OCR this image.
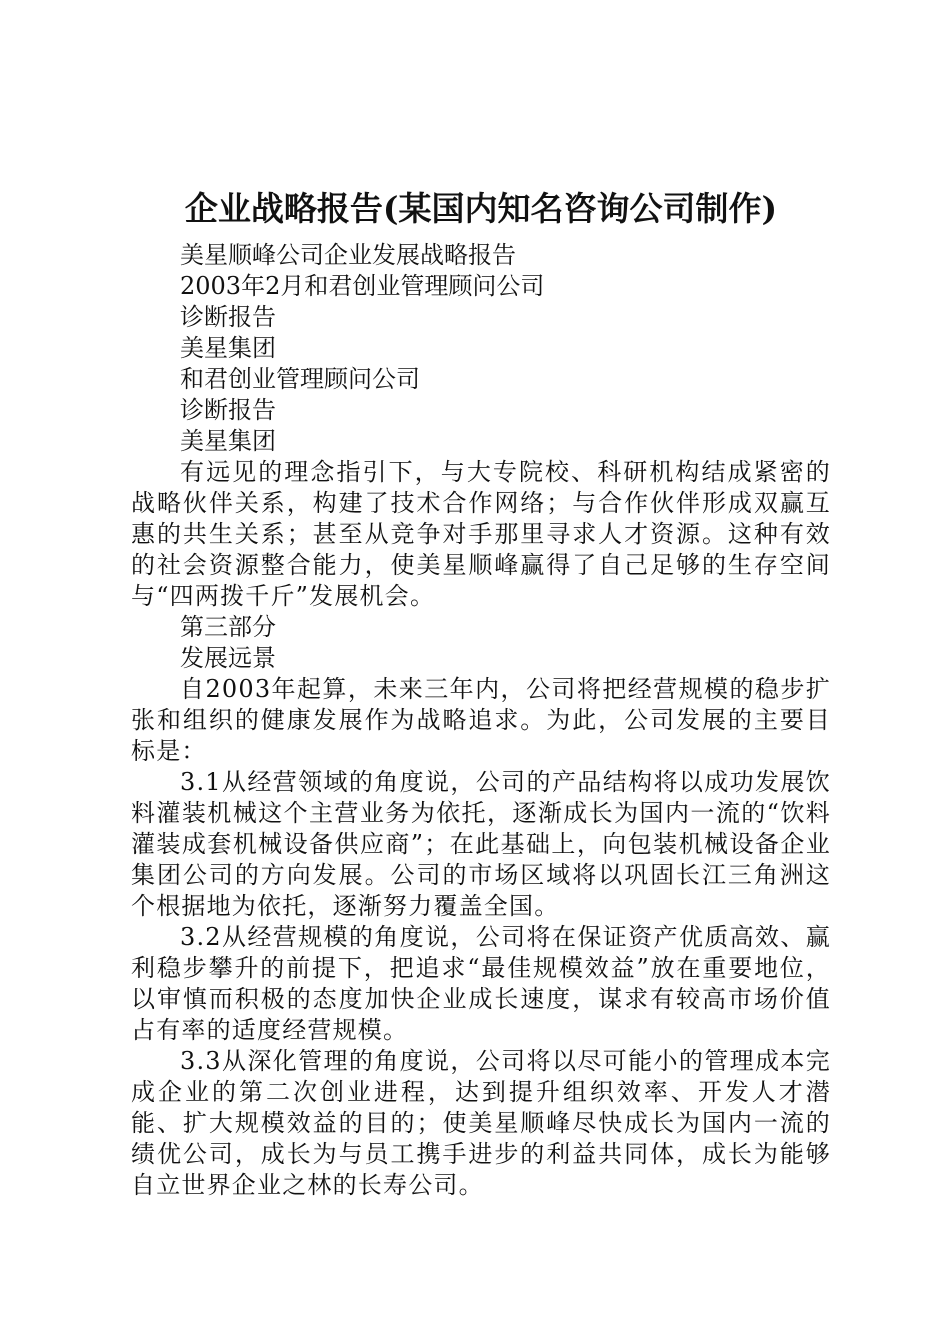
企业战略报告(某国内知名咨询公司制作)

美星顺峰公司企业发展战略报告

2003年2月和君创业管理顾问公司

诊断报告

美星集团

和君创业管理顾问公司

诊断报告

美星集团

有远见的理念指引下，与大专院校、科研机构结成紧密的战略伙伴关系，构建了技术合作网络；与合作伙伴形成双赢互惠的共生关系；甚至从竞争对手那里寻求人才资源。这种有效的社会资源整合能力，使美星顺峰赢得了自己足够的生存空间与“四两拨千斤”发展机会。

第三部分

发展远景

自2003年起算，未来三年内，公司将把经营规模的稳步扩张和组织的健康发展作为战略追求。为此，公司发展的主要目标是：

3.1从经营领域的角度说，公司的产品结构将以成功发展饮料灌装机械这个主营业务为依托，逐渐成长为国内一流的“饮料灌装成套机械设备供应商”；在此基础上，向包装机械设备企业集团公司的方向发展。公司的市场区域将以巩固长江三角洲这个根据地为依托，逐渐努力覆盖全国。

3.2从经营规模的角度说，公司将在保证资产优质高效、赢利稳步攀升的前提下，把追求“最佳规模效益”放在重要地位，以审慎而积极的态度加快企业成长速度，谋求有较高市场价值占有率的适度经营规模。

3.3从深化管理的角度说，公司将以尽可能小的管理成本完成企业的第二次创业进程，达到提升组织效率、开发人才潜能、扩大规模效益的目的；使美星顺峰尽快成长为国内一流的绩优公司，成长为与员工携手进步的利益共同体，成长为能够自立世界企业之林的长寿公司。
